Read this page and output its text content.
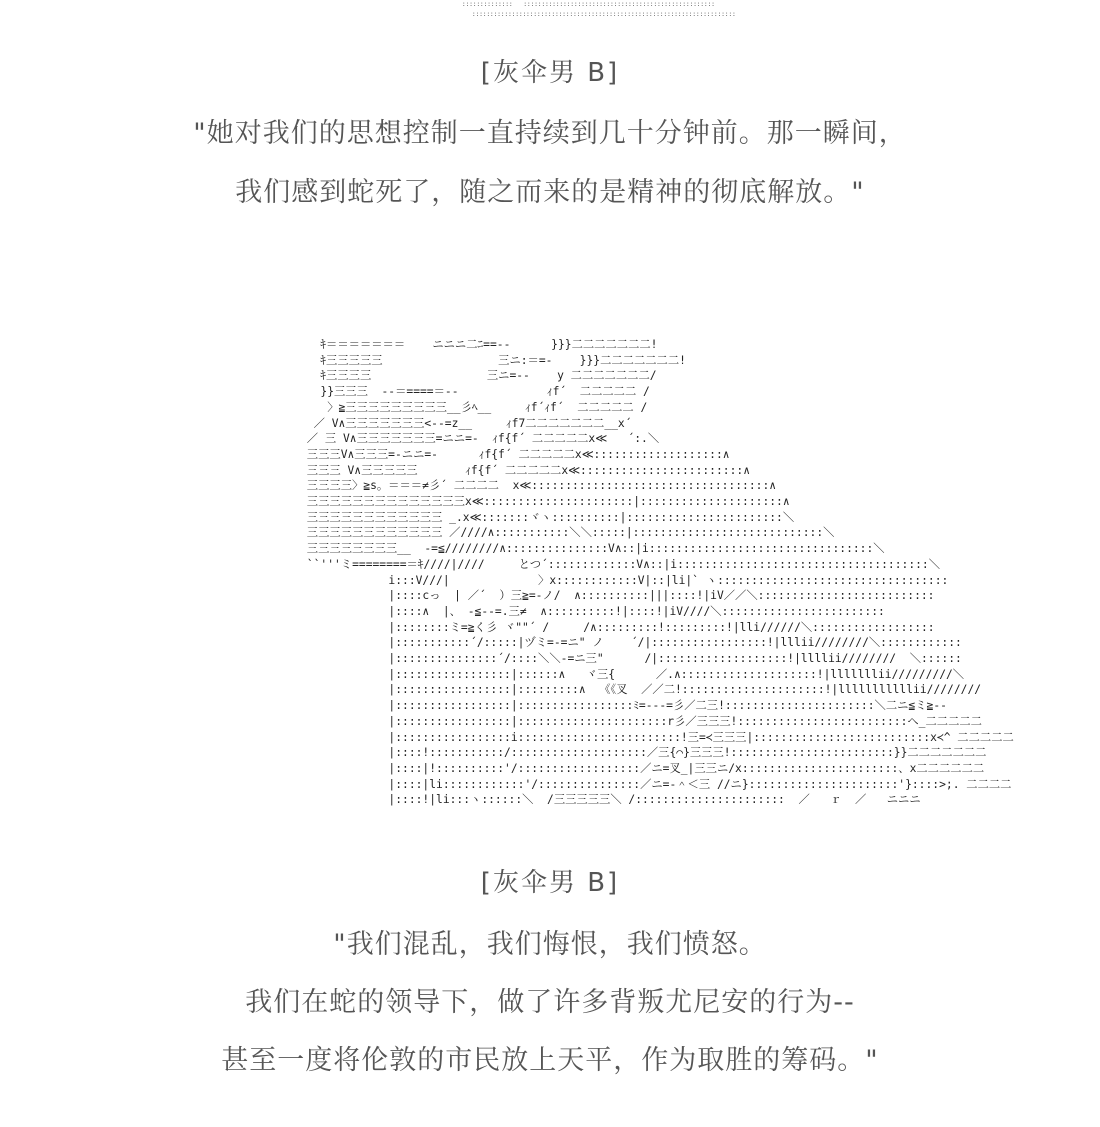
::::::::::::::   :::::::::::::::::::::::::::::::::::::::::::::::::::::
:::::::::::::::::::::::::::::::::::::::::::::::::::::::::::::::::::::::::
[灰伞男 B]
"她对我们的思想控制一直持续到几十分钟前。那一瞬间，
我们感到蛇死了，随之而来的是精神的彻底解放。"
ｷ＝＝＝＝＝＝＝    ニニニ二ﾆ==--      }}}二二二二二二二!
ｷ三三三三三                 三ニ:＝=-    }}}二二二二二二二!
ｷ三三三三                 三ニ=--    y 二二二二二二二/
}}三三三  --＝====＝--             ｨf´  二二二二二 /
〉≧三三三三三三三三三__彡ﾍ__     ｨf´ｨf´  二二二二二 /
／ V∧三三三三三三三<--=z__     ｨf7二二二二二二二__x´
／ 三 V∧三三三三三三三=ニニ=-  ｨf{f´ 二二二二二x≪   ´:.＼
三三三V∧三三三=-ニニ=-      ｨf{f´ 二二二二二x≪:::::::::::::::::::∧
三三三 V∧三三三三三       ｨf{f´ 二二二二二x≪::::::::::::::::::::::::∧
三三三三〉≧s。＝＝＝≠彡´ 二二二二  x≪:::::::::::::::::::::::::::::::::::∧
三三三三三三三三三三三三三三x≪::::::::::::::::::::::|:::::::::::::::::::::∧
三三三三三三三三三三三三 _.x≪:::::::ヾヽ::::::::::|:::::::::::::::::::::::＼
三三三三三三三三三三三三 ／////∧:::::::::::＼＼:::::|::::::::::::::::::::::::::::＼
三三三三三三三三__  -=≦////////∧:::::::::::::::V∧::|i:::::::::::::::::::::::::::::::::＼
``'''ミ========＝ｷ////|////     とつ´:::::::::::::V∧::|i:::::::::::::::::::::::::::::::::::::＼
i:::V///|             〉x::::::::::::V|::|li|` ヽ::::::::::::::::::::::::::::::::::
|::::cっ  | ／´  ）三≧=-ノ/  ∧::::::::::|||::::!|iV／／＼::::::::::::::::::::::::::
|::::∧  |、 -≦--=.三≠  ∧::::::::::!|::::!|iV////＼::::::::::::::::::::::::
|::::::::ミ=≧く彡 ヾ""´ /     /∧:::::::::!:::::::::!|lli//////＼::::::::::::::::::
|:::::::::::´/:::::|ヅミ=-=ニ" ノ    ´/|:::::::::::::::::!|lllii////////＼::::::::::::
|:::::::::::::::´/::::＼＼-=ニ三"      /|:::::::::::::::::::!|llllii////////  ＼::::::
|:::::::::::::::::|::::::∧   ヾ三{      ／.∧::::::::::::::::::::!|lllllllii/////////＼
|:::::::::::::::::|:::::::::∧  《《叉  ／／二!:::::::::::::::::::::!|lllllllllllii////////
|:::::::::::::::::|:::::::::::::::::ﾐ=---=彡／二三!::::::::::::::::::::::＼二ニ≦ミ≧--
|:::::::::::::::::|::::::::::::::::::::::r彡／三三三!:::::::::::::::::::::::::へ_二二二二二
|:::::::::::::::::i::::::::::::::::::::::::!三=≺三三三|::::::::::::::::::::::::::x≺^ 二二二二二
|::::!:::::::::::/::::::::::::::::::::／三{⌒}三三三!::::::::::::::::::::::::}}二二二二二二二
|::::|!::::::::::'/::::::::::::::::::／ニ=叉_|三三ニ/x:::::::::::::::::::::::、x二二二二二二
|::::|li::::::::::::'/:::::::::::::::／ニ=-＾＜三 //ニ}::::::::::::::::::::::'}::::>;. 二二二二
|::::!|li:::ヽ::::::＼  /三三三三三＼ /::::::::::::::::::::::  ／   ｒ  ／   ニニニ
[灰伞男 B]
"我们混乱，我们悔恨，我们愤怒。
我们在蛇的领导下，做了许多背叛尤尼安的行为--
甚至一度将伦敦的市民放上天平，作为取胜的筹码。"
